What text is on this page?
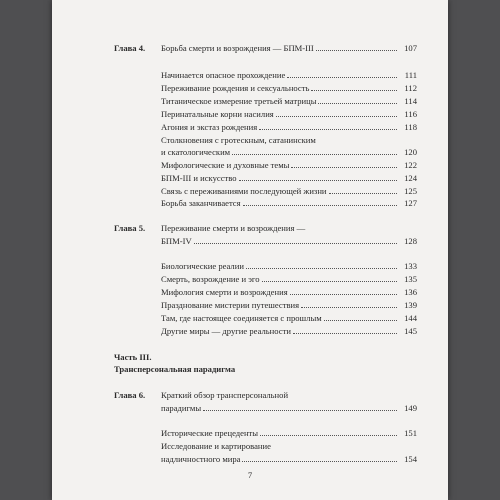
Глава 4. Борьба смерти и возрождения — БПМ-III	107
Начинается опасное прохождение	111
Переживание рождения и сексуальность	112
Титаническое измерение третьей матрицы	114
Перинатальные корни насилия	116
Агония и экстаз рождения	118
Столкновения с гротескным, сатанинским
и скатологическим	120
Мифологические и духовные темы	122
БПМ-III и искусство	124
Связь с переживаниями последующей жизни	125
Борьба заканчивается	127
Глава 5. Переживание смерти и возрождения —
БПМ-IV	128
Биологические реалии	133
Смерть, возрождение и эго	135
Мифология смерти и возрождения	136
Празднование мистерии путешествия	139
Там, где настоящее соединяется с прошлым	144
Другие миры — другие реальности	145
Часть III.
Трансперсональная парадигма
Глава 6. Краткий обзор трансперсональной
парадигмы	149
Исторические прецеденты	151
Исследование и картирование
надличностного мира	154
7
